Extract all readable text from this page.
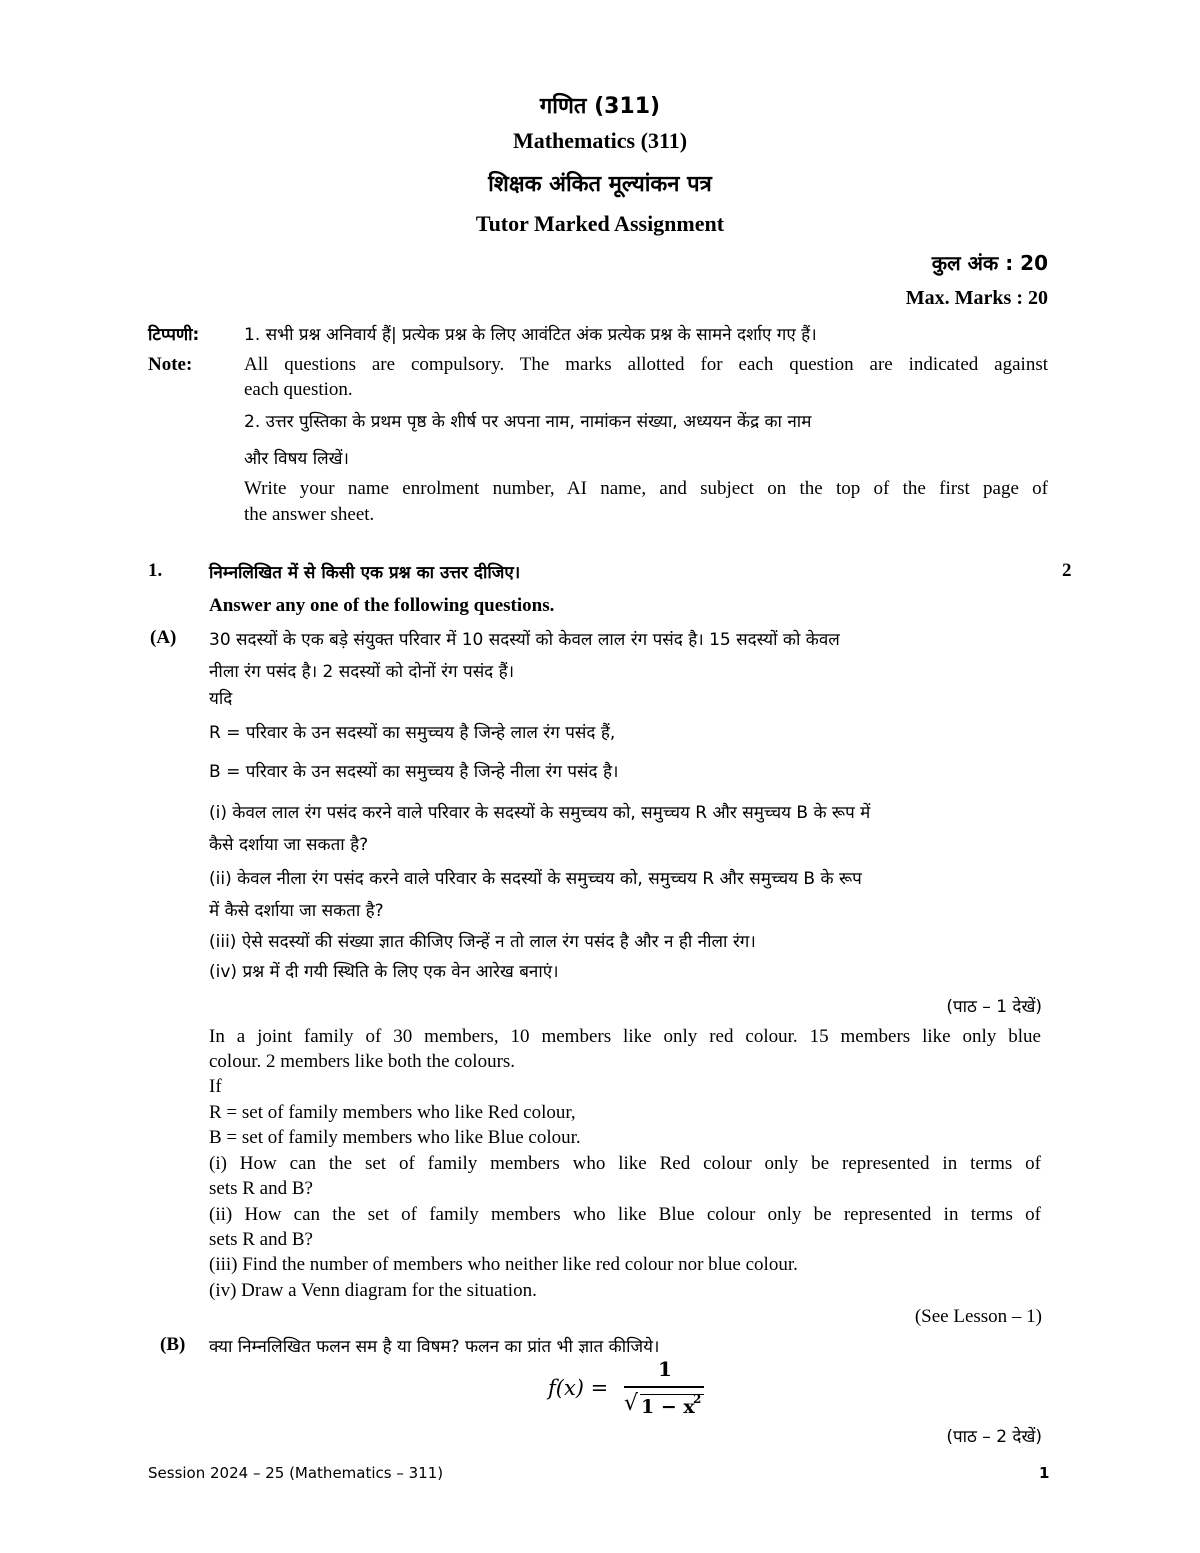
गणित (311)
Mathematics (311)
शिक्षक अंकित मूल्यांकन पत्र
Tutor Marked Assignment
कुल अंक : 20
Max. Marks : 20
टिप्पणी:	1. सभी प्रश्न अनिवार्य हैं| प्रत्येक प्रश्न के लिए आवंटित अंक प्रत्येक प्रश्न के सामने दर्शाए गए हैं।
Note:	All questions are compulsory. The marks allotted for each question are indicated against
each question.
2. उत्तर पुस्तिका के प्रथम पृष्ठ के शीर्ष पर अपना नाम, नामांकन संख्या, अध्ययन केंद्र का नाम
और विषय लिखें।
Write your name enrolment number, AI name, and subject on the top of the first page of
the answer sheet.
1.	निम्नलिखित में से किसी एक प्रश्न का उत्तर दीजिए।	2
Answer any one of the following questions.
(A) 30 सदस्यों के एक बड़े संयुक्त परिवार में 10 सदस्यों को केवल लाल रंग पसंद है। 15 सदस्यों को केवल
नीला रंग पसंद है। 2 सदस्यों को दोनों रंग पसंद हैं।
यदि
R = परिवार के उन सदस्यों का समुच्चय है जिन्हे लाल रंग पसंद हैं,
B = परिवार के उन सदस्यों का समुच्चय है जिन्हे नीला रंग पसंद है।
(i) केवल लाल रंग पसंद करने वाले परिवार के सदस्यों के समुच्चय को, समुच्चय R और समुच्चय B के रूप में
कैसे दर्शाया जा सकता है?
(ii) केवल नीला रंग पसंद करने वाले परिवार के सदस्यों के समुच्चय को, समुच्चय R और समुच्चय B के रूप
में कैसे दर्शाया जा सकता है?
(iii) ऐसे सदस्यों की संख्या ज्ञात कीजिए जिन्हें न तो लाल रंग पसंद है और न ही नीला रंग।
(iv) प्रश्न में दी गयी स्थिति के लिए एक वेन आरेख बनाएं।
(पाठ – 1 देखें)
In a joint family of 30 members, 10 members like only red colour. 15 members like only blue
colour. 2 members like both the colours.
If
R = set of family members who like Red colour,
B = set of family members who like Blue colour.
(i) How can the set of family members who like Red colour only be represented in terms of
sets R and B?
(ii) How can the set of family members who like Blue colour only be represented in terms of
sets R and B?
(iii) Find the number of members who neither like red colour nor blue colour.
(iv) Draw a Venn diagram for the situation.
(See Lesson – 1)
(B) क्या निम्नलिखित फलन सम है या विषम? फलन का प्रांत भी ज्ञात कीजिये।
f(x) =
1
√ 1 − x
2
(पाठ – 2 देखें)
Session 2024 – 25 (Mathematics – 311)	1
